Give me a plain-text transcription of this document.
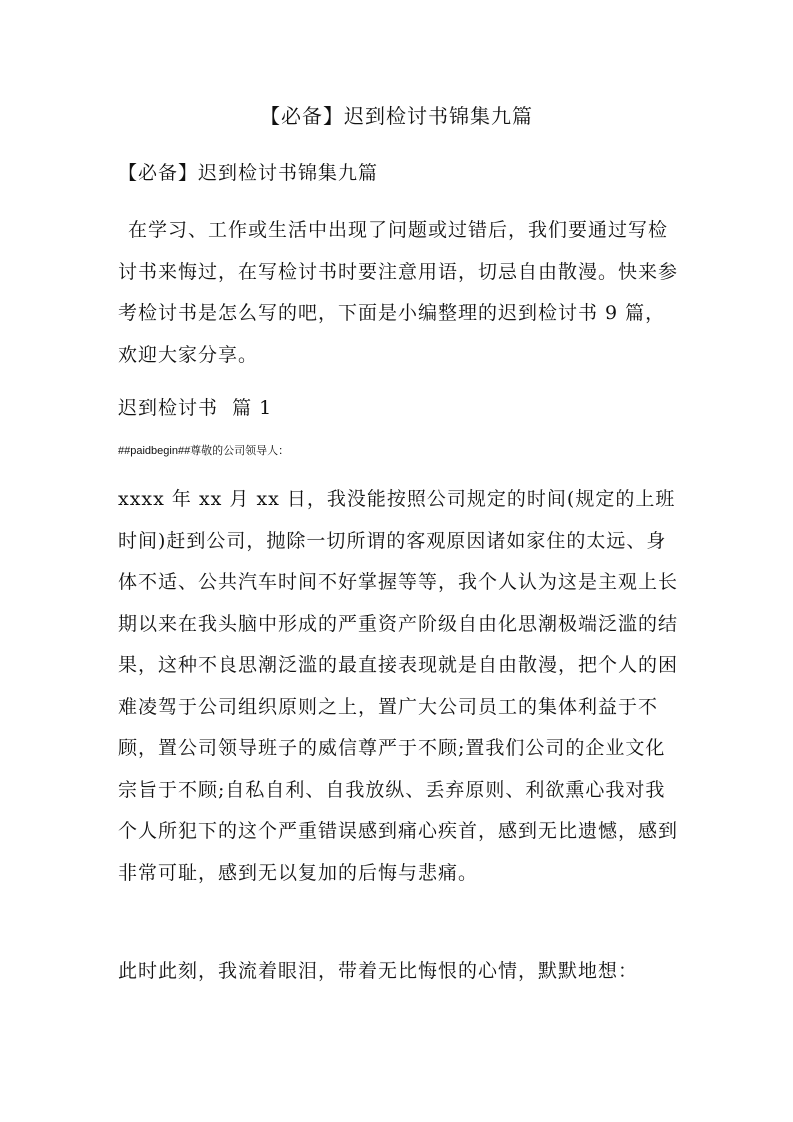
【必备】迟到检讨书锦集九篇
【必备】迟到检讨书锦集九篇
在学习、工作或生活中出现了问题或过错后，我们要通过写检讨书来悔过，在写检讨书时要注意用语，切忌自由散漫。快来参考检讨书是怎么写的吧，下面是小编整理的迟到检讨书 9 篇，欢迎大家分享。
迟到检讨书  篇 1
##paidbegin##尊敬的公司领导人：
xxxx 年 xx 月 xx 日，我没能按照公司规定的时间(规定的上班时间)赶到公司，抛除一切所谓的客观原因诸如家住的太远、身体不适、公共汽车时间不好掌握等等，我个人认为这是主观上长期以来在我头脑中形成的严重资产阶级自由化思潮极端泛滥的结果，这种不良思潮泛滥的最直接表现就是自由散漫，把个人的困难凌驾于公司组织原则之上，置广大公司员工的集体利益于不顾，置公司领导班子的威信尊严于不顾;置我们公司的企业文化宗旨于不顾;自私自利、自我放纵、丢弃原则、利欲熏心我对我个人所犯下的这个严重错误感到痛心疾首，感到无比遗憾，感到非常可耻，感到无以复加的后悔与悲痛。
此时此刻，我流着眼泪，带着无比悔恨的心情，默默地想：
